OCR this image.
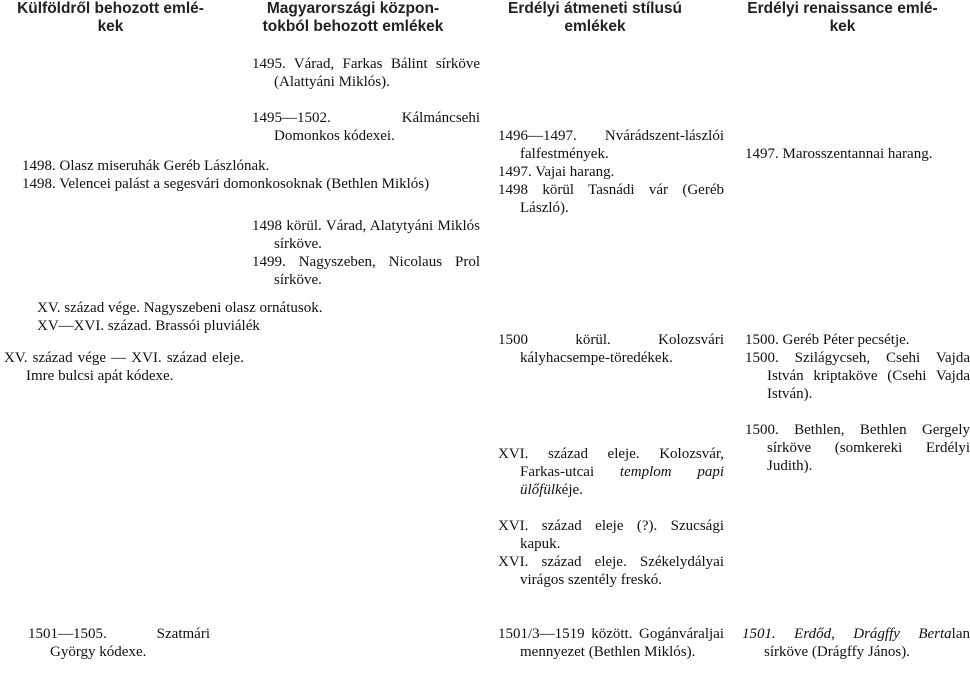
Külföldről behozott emlé-
kek
Magyarországi közpon-
tokból behozott emlékek
Erdélyi átmeneti stílusú
emlékek
Erdélyi renaissance emlé-
kek
1495. Várad, Farkas Bálint sírköve (Alattyáni Miklós).
1495—1502. Kálmáncsehi Domonkos kódexei.	1496—1497. Nvárádszent-lászlói falfestmények.
1497. Vajai harang.
1498 körül Tasnádi vár (Geréb László).
1497. Marosszentannai harang.
1498. Olasz miseruhák Geréb Lászlónak.
1498. Velencei palást a segesvári domonkosoknak (Bethlen Miklós)
1498 körül. Várad, Alatytyáni Miklós sírköve.
1499. Nagyszeben, Nicolaus Prol sírköve.
XV. század vége. Nagyszebeni olasz ornátusok.
XV—XVI. század. Brassói pluviálék
XV. század vége — XVI. század eleje. Imre bulcsi apát kódexe.
1500 körül. Kolozsvári kályhacsempe-töredékek.
1500. Geréb Péter pecsétje.
1500. Szilágycseh, Csehi Vajda István kriptaköve (Csehi Vajda István).
1500. Bethlen, Bethlen Gergely sírköve (somkereki Erdélyi Judith).
XVI. század eleje. Kolozsvár, Farkas-utcai templom papi ülőfülkéje.
XVI. század eleje (?). Szucsági kapuk.
XVI. század eleje. Székelydályai virágos szentély freskó.
1501—1505. Szatmári György kódexe.
1501/3—1519 között. Gogánváraljai mennyezet (Bethlen Miklós).
1501. Erdőd, Drágffy Bertalan sírköve (Drágffy János).
